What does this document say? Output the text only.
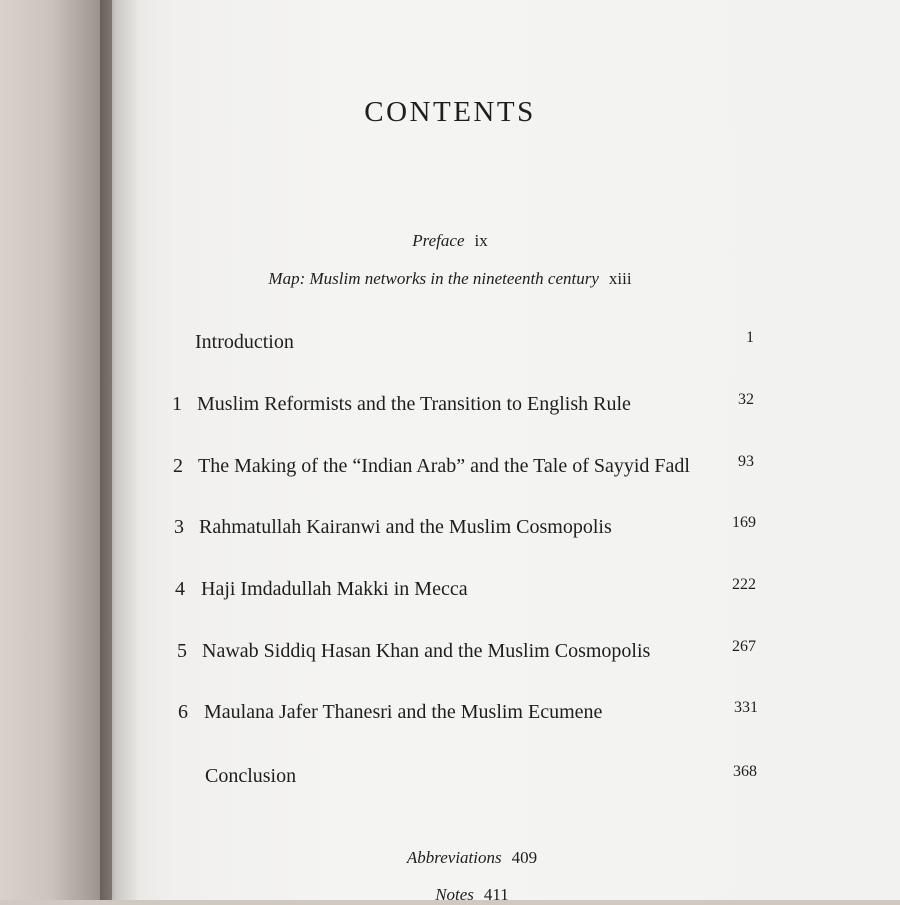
CONTENTS
Preface ix
Map: Muslim networks in the nineteenth century xiii
Introduction	1
1 Muslim Reformists and the Transition to English Rule	32
2 The Making of the “Indian Arab” and the Tale of Sayyid Fadl	93
3 Rahmatullah Kairanwi and the Muslim Cosmopolis	169
4 Haji Imdadullah Makki in Mecca	222
5 Nawab Siddiq Hasan Khan and the Muslim Cosmopolis	267
6 Maulana Jafer Thanesri and the Muslim Ecumene	331
Conclusion	368
Abbreviations 409
Notes 411
